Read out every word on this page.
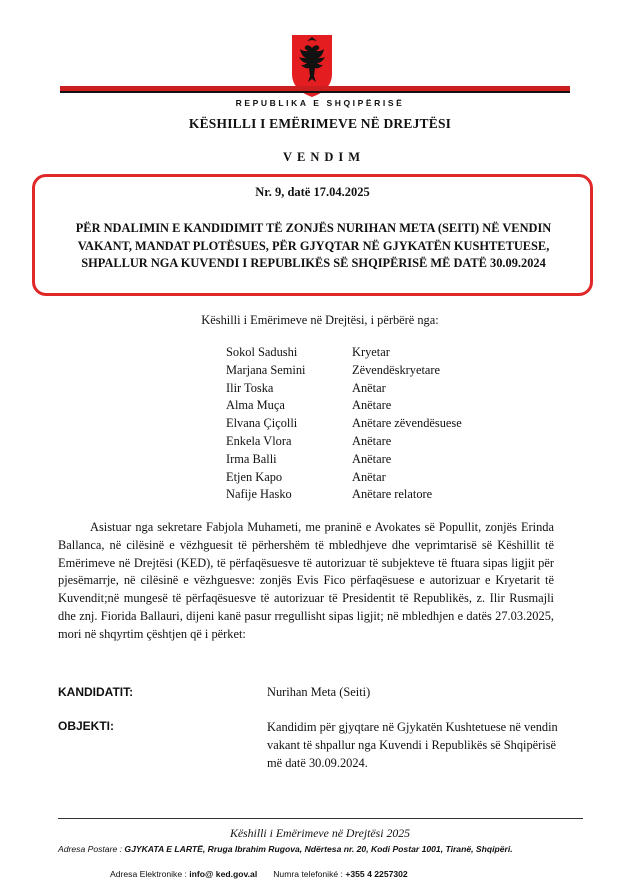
REPUBLIKA E SHQIPËRISË
KËSHILLI I EMËRIMEVE NË DREJTËSI
VENDIM
Nr. 9, datë 17.04.2025
PËR NDALIMIN E KANDIDIMIT TË ZONJËS NURIHAN META (SEITI) NË VENDIN VAKANT, MANDAT PLOTËSUES, PËR GJYQTAR NË GJYKATËN KUSHTETUESE, SHPALLUR NGA KUVENDI I REPUBLIKËS SË SHQIPËRISË MË DATË 30.09.2024
Këshilli i Emërimeve në Drejtësi, i përbërë nga:
Sokol Sadushi	Kryetar
Marjana Semini	Zëvendëskryetare
Ilir Toska	Anëtar
Alma Muça	Anëtare
Elvana Çiçolli	Anëtare zëvendësuese
Enkela Vlora	Anëtare
Irma Balli	Anëtare
Etjen Kapo	Anëtar
Nafije Hasko	Anëtare relatore
Asistuar nga sekretare Fabjola Muhameti, me praninë e Avokates së Popullit, zonjës Erinda Ballanca, në cilësinë e vëzhguesit të përhershëm të mbledhjeve dhe veprimtarisë së Këshillit të Emërimeve në Drejtësi (KED), të përfaqësuesve të autorizuar të subjekteve të ftuara sipas ligjit për pjesëmarrje, në cilësinë e vëzhguesve: zonjës Evis Fico përfaqësuese e autorizuar e Kryetarit të Kuvendit;në mungesë të përfaqësuesve të autorizuar të Presidentit të Republikës, z. Ilir Rusmajli dhe znj. Fiorida Ballauri, dijeni kanë pasur rregullisht sipas ligjit; në mbledhjen e datës 27.03.2025, mori në shqyrtim çështjen që i përket:
KANDIDATIT:	Nurihan Meta (Seiti)
OBJEKTI:	Kandidim për gjyqtare në Gjykatën Kushtetuese në vendin vakant të shpallur nga Kuvendi i Republikës së Shqipërisë më datë 30.09.2024.
Këshilli i Emërimeve në Drejtësi 2025
Adresa Postare : GJYKATA E LARTË, Rruga Ibrahim Rugova, Ndërtesa nr. 20, Kodi Postar 1001, Tiranë, Shqipëri.
Adresa Elektronike : info@ ked.gov.al Numra telefoniké : +355 4 2257302
